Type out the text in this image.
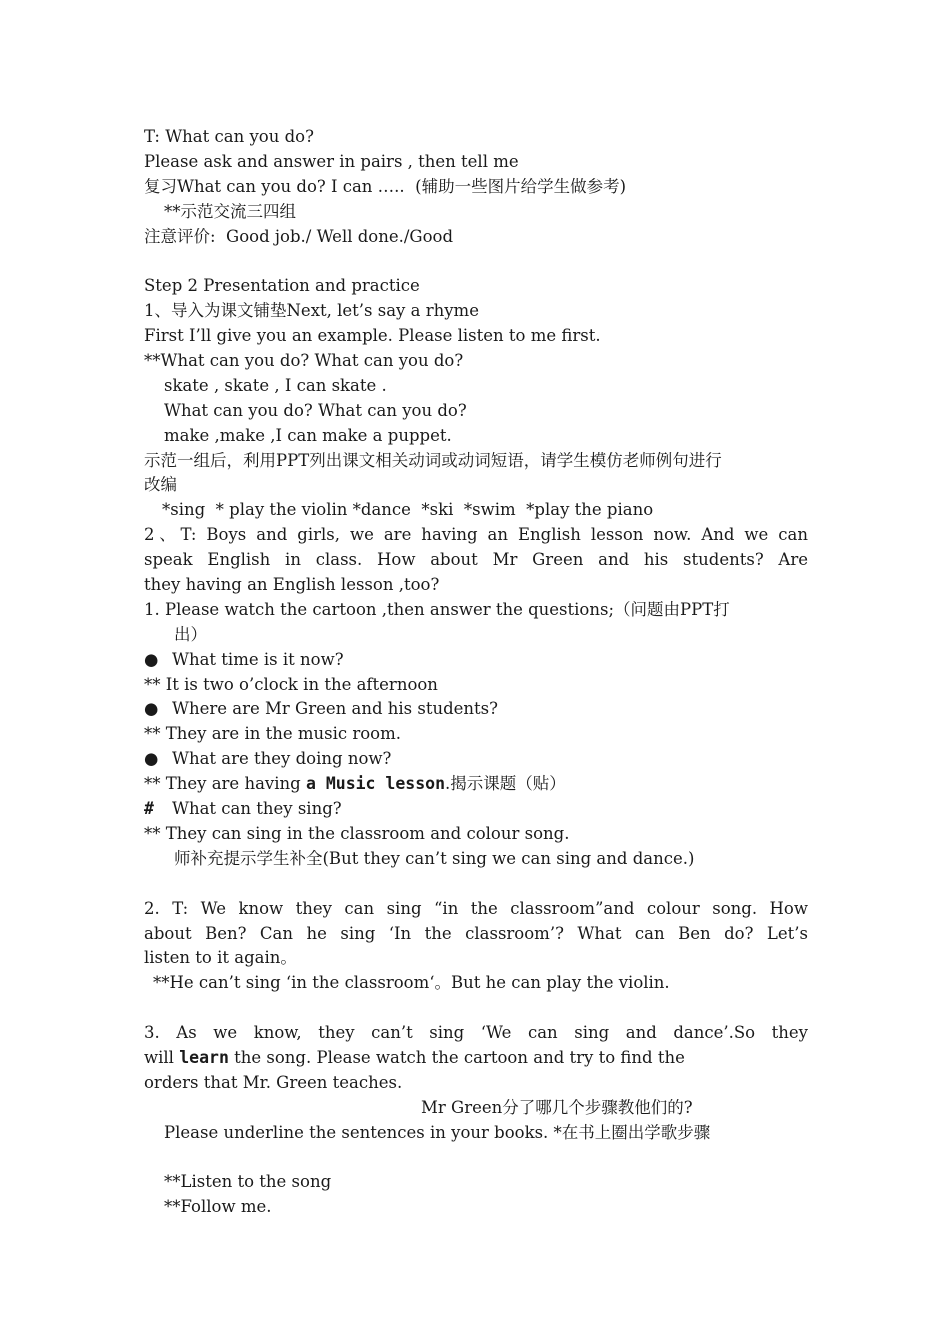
T: What can you do?
Please ask and answer in pairs , then tell me
复习What can you do? I can …..  (辅助一些图片给学生做参考)
**示范交流三四组
注意评价:  Good job./ Well done./Good
Step 2 Presentation and practice
1、导入为课文铺垫Next, let’s say a rhyme
First I’ll give you an example. Please listen to me first.
**What can you do? What can you do?
skate , skate , I can skate .
What can you do? What can you do?
make ,make ,I can make a puppet.
示范一组后，利用PPT列出课文相关动词或动词短语，请学生模仿老师例句进行
改编
*sing  * play the violin *dance  *ski  *swim  *play the piano
2、T: Boys and girls, we are having an English lesson now. And we can
speak English in class. How about Mr Green and his students? Are
they having an English lesson ,too?
1. Please watch the cartoon ,then answer the questions;（问题由PPT打
出）
● What time is it now?
** It is two o’clock in the afternoon
● Where are Mr Green and his students?
** They are in the music room.
● What are they doing now?
** They are having a Music lesson.揭示课题（贴）
# What can they sing?
** They can sing in the classroom and colour song.
师补充提示学生补全(But they can’t sing we can sing and dance.)
2. T: We know they can sing “in the classroom”and colour song. How
about Ben? Can he sing ‘In the classroom’? What can Ben do? Let’s
listen to it again。
**He can’t sing ‘in the classroom‘。But he can play the violin.
3. As we know, they can’t sing ‘We can sing and dance’.So they
will learn the song. Please watch the cartoon and try to find the
orders that Mr. Green teaches.
Mr Green分了哪几个步骤教他们的?
Please underline the sentences in your books. *在书上圈出学歌步骤
**Listen to the song
**Follow me.
